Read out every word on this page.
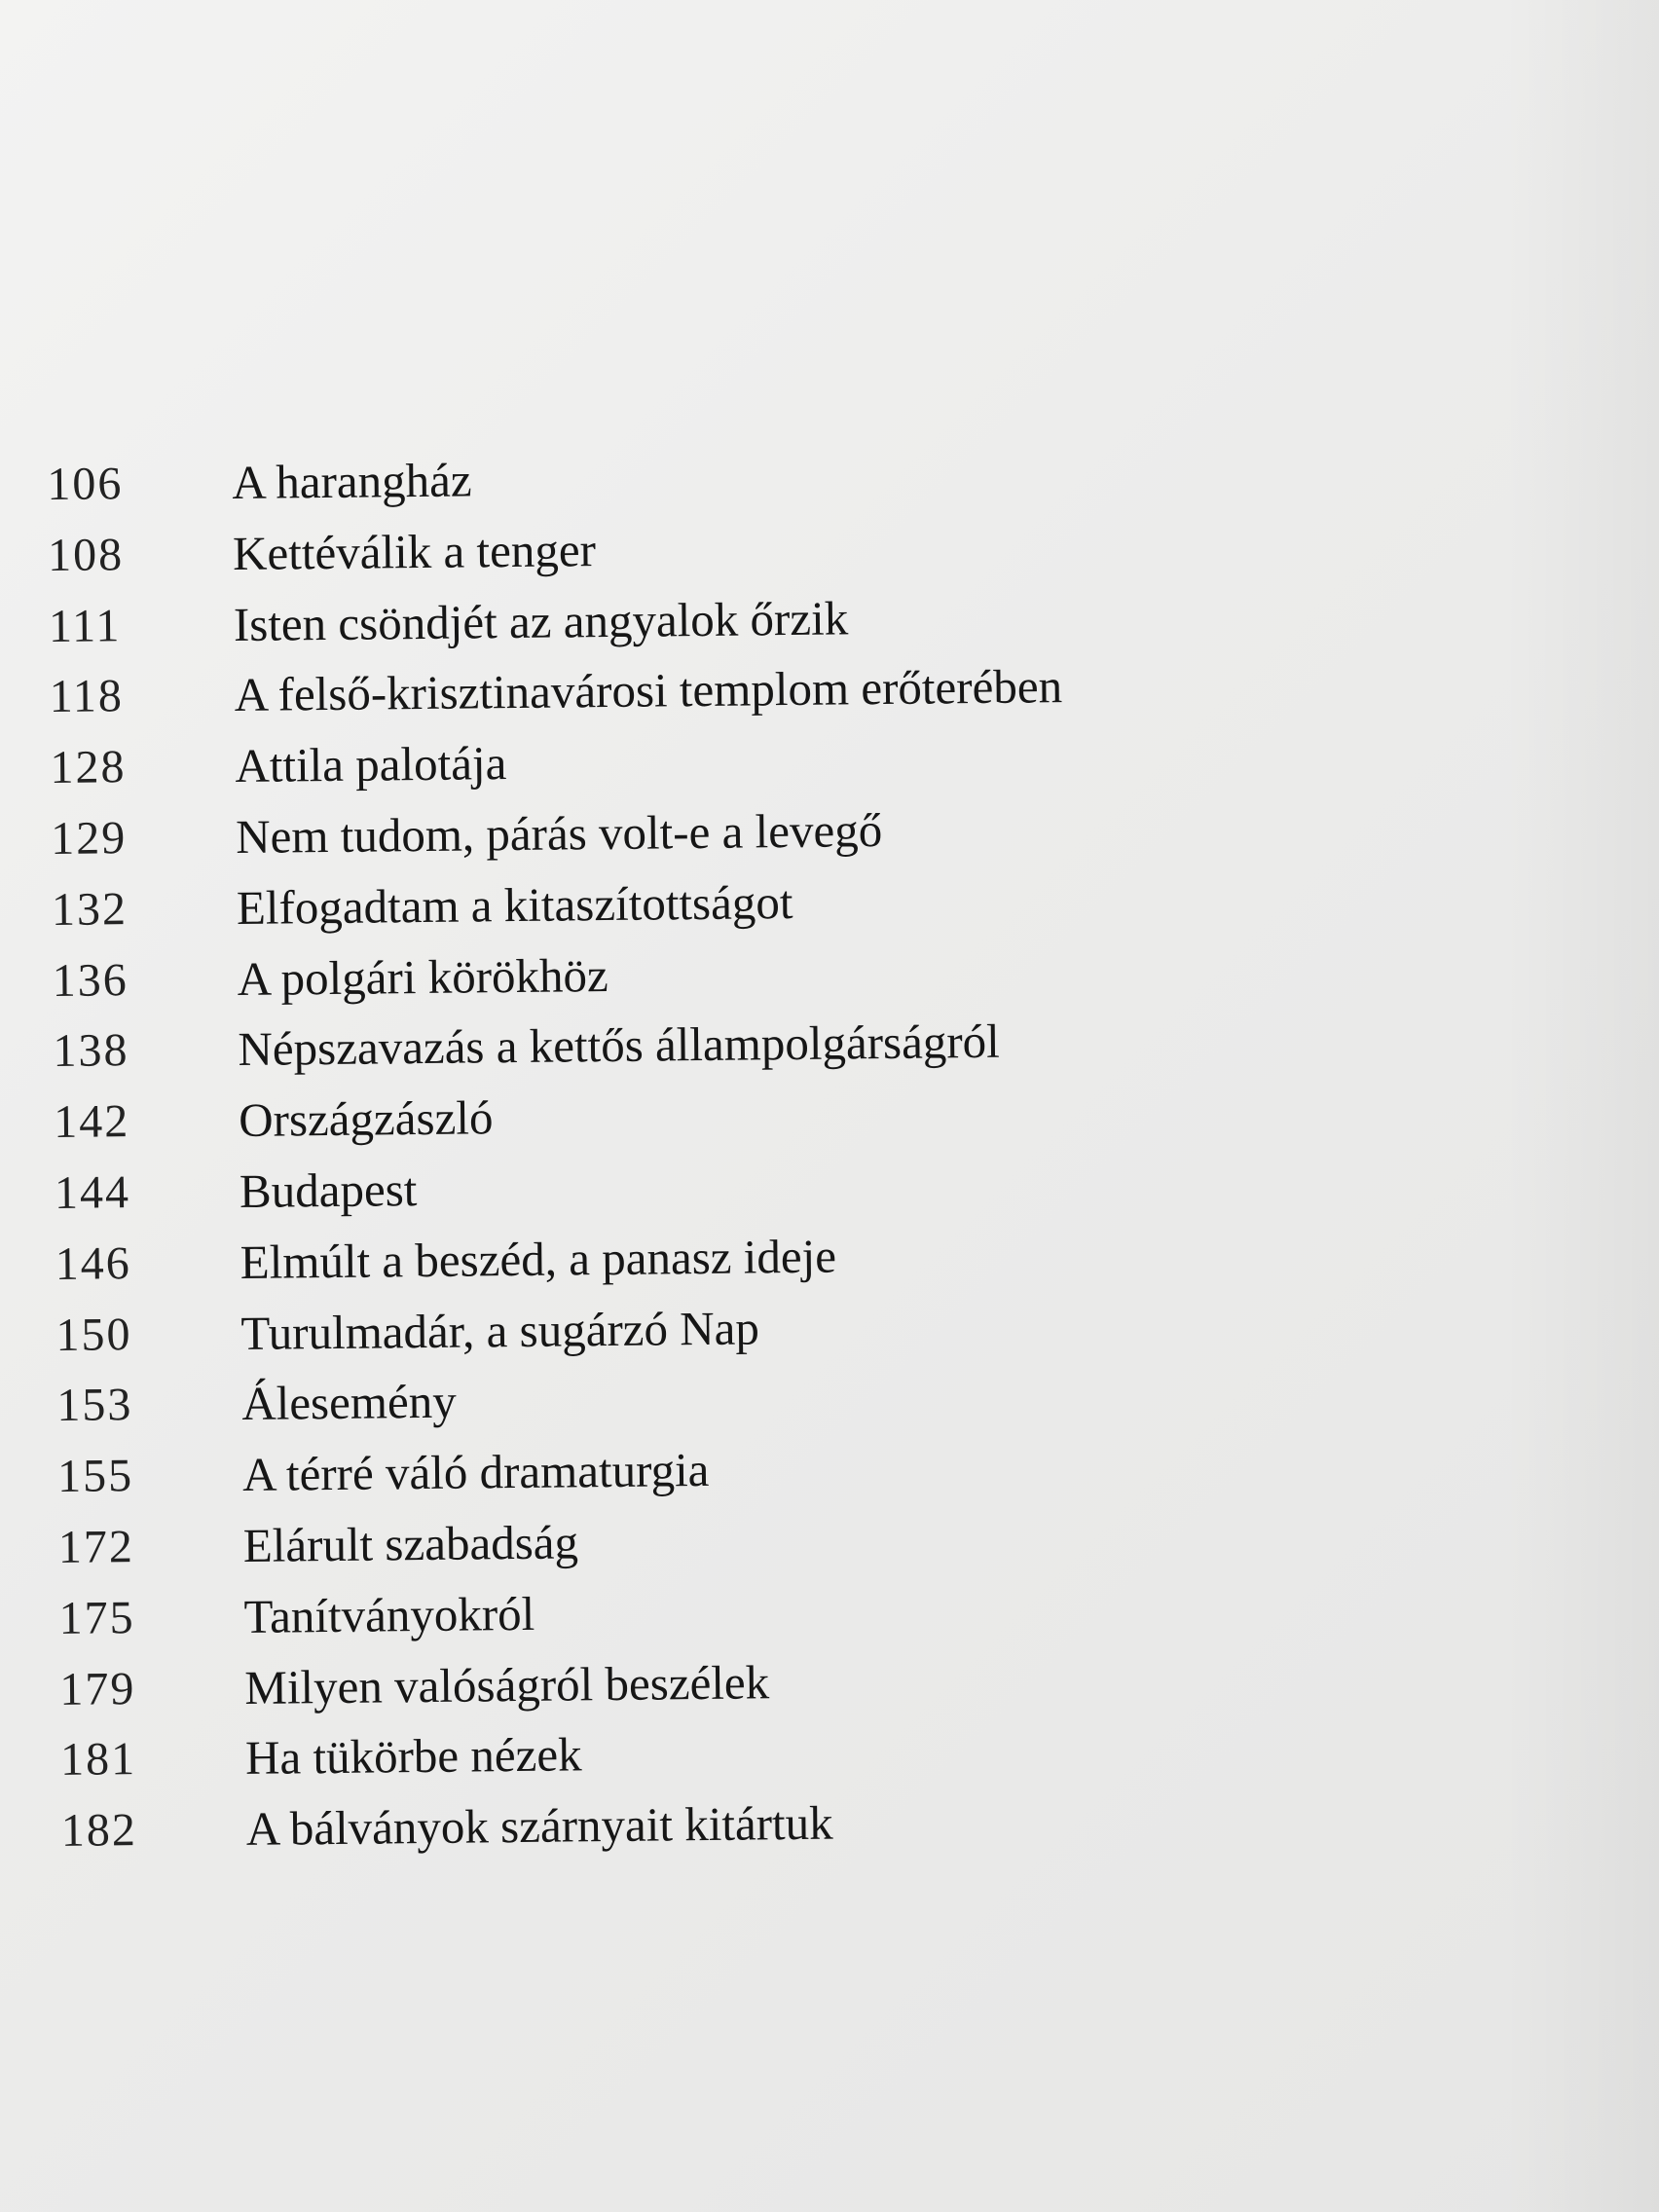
106	A harangház
108	Kettéválik a tenger
111	Isten csöndjét az angyalok őrzik
118	A felső-krisztinavárosi templom erőterében
128	Attila palotája
129	Nem tudom, párás volt-e a levegő
132	Elfogadtam a kitaszítottságot
136	A polgári körökhöz
138	Népszavazás a kettős állampolgárságról
142	Országzászló
144	Budapest
146	Elmúlt a beszéd, a panasz ideje
150	Turulmadár, a sugárzó Nap
153	Álesemény
155	A térré váló dramaturgia
172	Elárult szabadság
175	Tanítványokról
179	Milyen valóságról beszélek
181	Ha tükörbe nézek
182	A bálványok szárnyait kitártuk
